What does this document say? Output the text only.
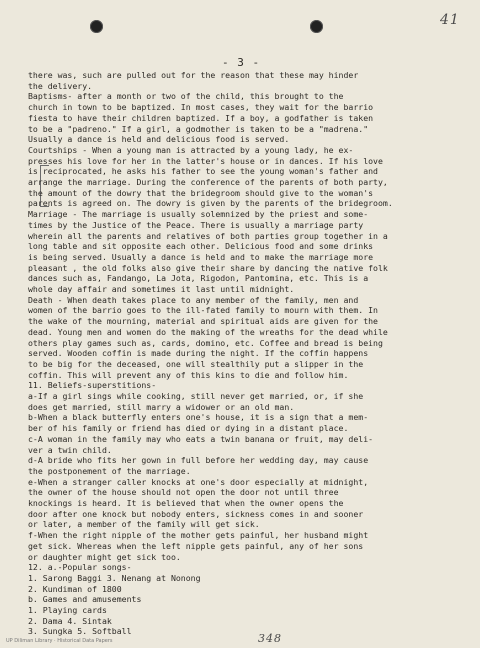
41
- 3 -
there was, such are pulled out for the reason that these may hinder
the delivery.
Baptisms- after a month or two of the child, this brought to the
church in town to be baptized. In most cases, they wait for the barrio
fiesta to have their children baptized. If a boy, a godfather is taken
to be a "padreno." If a girl, a godmother is taken to be a "madrena."
Usually a dance is held and delicious food is served.
Courtships - When a young man is attracted by a young lady, he ex-
presses his love for her in the latter's house or in dances. If his love
is reciprocated, he asks his father to see the young woman's father and
arrange the marriage. During the conference of the parents of both party,
the amount of the dowry that the bridegroom should give to the woman's
parents is agreed on. The dowry is given by the parents of the bridegroom.
Marriage - The marriage is usually solemnized by the priest and some-
times by the Justice of the Peace. There is usually a marriage party
wherein all the parents and relatives of both parties group together in a
long table and sit opposite each other. Delicious food and some drinks
is being served. Usually a dance is held and to make the marriage more
pleasant , the old folks also give their share by dancing the native folk
dances such as, Fandango, La Jota, Rigodon, Pantomina, etc. This is a
whole day affair and sometimes it last until midnight.
Death - When death takes place to any member of the family, men and
women of the barrio goes to the ill-fated family to mourn with them. In
the wake of the mourning, material and spiritual aids are given for the
dead. Young men and women do the making of the wreaths for the dead while
others play games such as, cards, domino, etc. Coffee and bread is being
served. Wooden coffin is made during the night. If the coffin happens
to be big for the deceased, one will stealthily put a slipper in the
coffin. This will prevent any of this kins to die and follow him.
11. Beliefs-superstitions-
a-If a girl sings while cooking, still never get married, or, if she
does get married, still marry a widower or an old man.
b-When a black butterfly enters one's house, it is a sign that a mem-
ber of his family or friend has died or dying in a distant place.
c-A woman in the family may who eats a twin banana or fruit, may deli-
ver a twin child.
d-A bride who fits her gown in full before her wedding day, may cause
the postponement of the marriage.
e-When a stranger caller knocks at one's door especially at midnight,
the owner of the house should not open the door not until three
knockings is heard. It is believed that when the owner opens the
door after one knock but nobody enters, sickness comes in and sooner
or later, a member of the family will get sick.
f-When the right nipple of the mother gets painful, her husband might
get sick. Whereas when the left nipple gets painful, any of her sons
or daughter might get sick too.
12. a.-Popular songs-
1. Sarong Baggi 3. Nenang at Nonong
2. Kundiman of 1800
b. Games and amusements
1. Playing cards
2. Dama 4. Sintak
3. Sungka 5. Softball
348
UP Diliman Library · Historical Data Papers
